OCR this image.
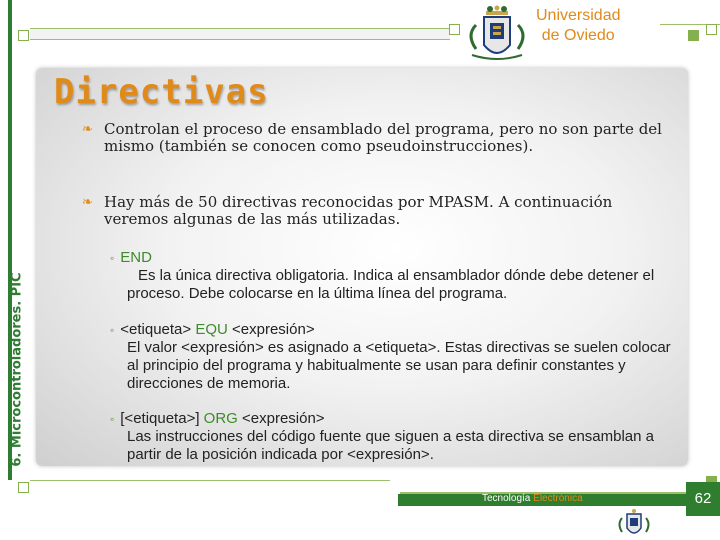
6. Microcontroladores. PIC
Universidad
de Oviedo
Directivas
❧ Controlan el proceso de ensamblado del programa, pero no son parte del mismo (también se conocen como pseudoinstrucciones).
❧ Hay más de 50 directivas reconocidas por MPASM. A continuación veremos algunas de las más utilizadas.
◦ END
Es la única directiva obligatoria. Indica al ensamblador dónde debe detener el proceso. Debe colocarse en la última línea del programa.
◦ <etiqueta> EQU <expresión>
El valor <expresión> es asignado a <etiqueta>. Estas directivas se suelen colocar al principio del programa y habitualmente se usan para definir constantes y direcciones de memoria.
◦ [<etiqueta>] ORG <expresión>
Las instrucciones del código fuente que siguen a esta directiva se ensamblan a partir de la posición indicada por <expresión>.
Tecnología Electrónica	62
